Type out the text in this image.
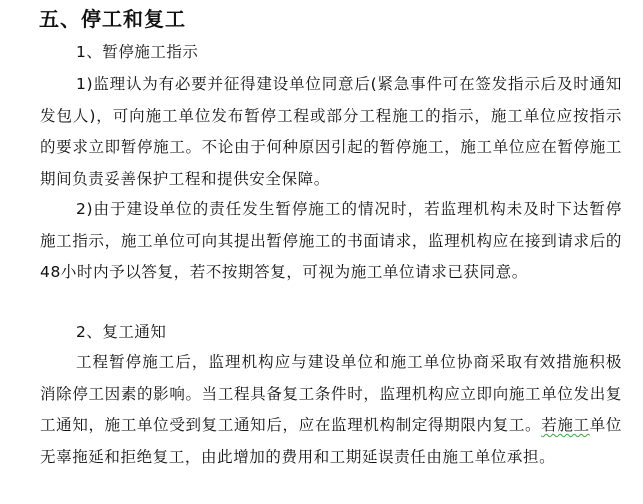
五、停工和复工
1、暂停施工指示
1)监理认为有必要并征得建设单位同意后(紧急事件可在签发指示后及时通知发包人)，可向施工单位发布暂停工程或部分工程施工的指示，施工单位应按指示的要求立即暂停施工。不论由于何种原因引起的暂停施工，施工单位应在暂停施工期间负责妥善保护工程和提供安全保障。
2)由于建设单位的责任发生暂停施工的情况时，若监理机构未及时下达暂停施工指示，施工单位可向其提出暂停施工的书面请求，监理机构应在接到请求后的48小时内予以答复，若不按期答复，可视为施工单位请求已获同意。
2、复工通知
工程暂停施工后，监理机构应与建设单位和施工单位协商采取有效措施积极消除停工因素的影响。当工程具备复工条件时，监理机构应立即向施工单位发出复工通知，施工单位受到复工通知后，应在监理机构制定得期限内复工。若施工单位无辜拖延和拒绝复工，由此增加的费用和工期延误责任由施工单位承担。
